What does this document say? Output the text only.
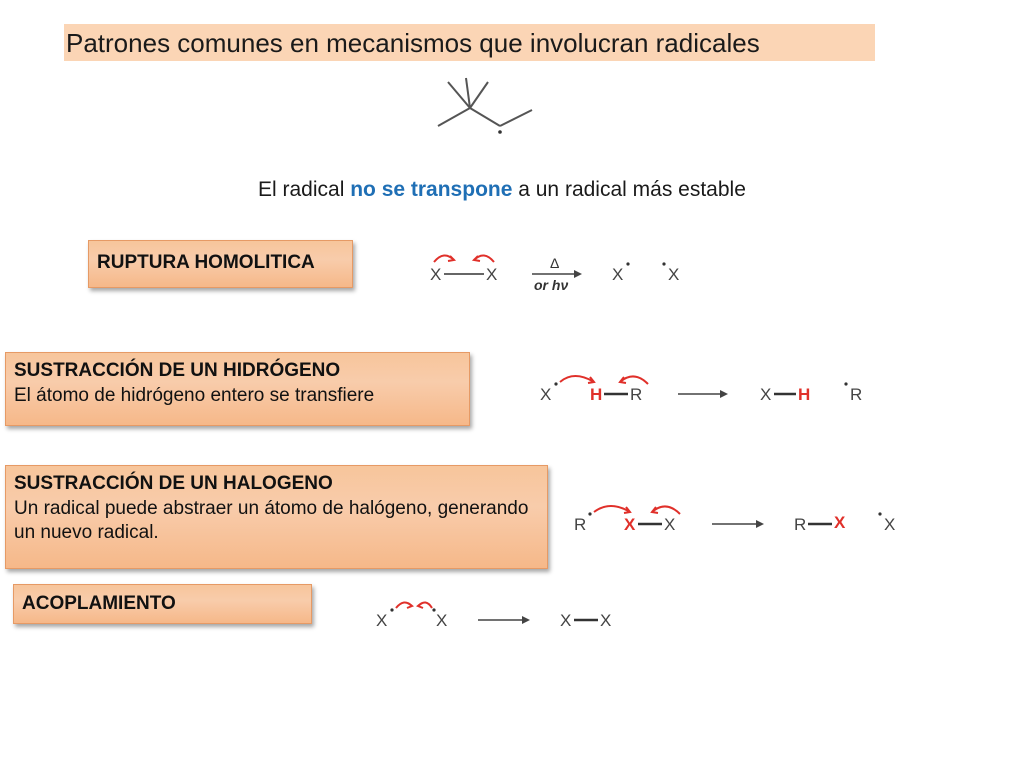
Patrones comunes en mecanismos que involucran radicales
El radical no se transpone a un radical más estable
RUPTURA HOMOLITICA
X	X
Δ
or hν
X	X
SUSTRACCIÓN DE UN HIDRÓGENO
El átomo de hidrógeno entero se transfiere	X H R	X H R
SUSTRACCIÓN DE UN HALOGENO
Un radical puede abstraer un átomo de halógeno, generando un nuevo radical.	R X X	R X X
ACOPLAMIENTO
X	X	X X
